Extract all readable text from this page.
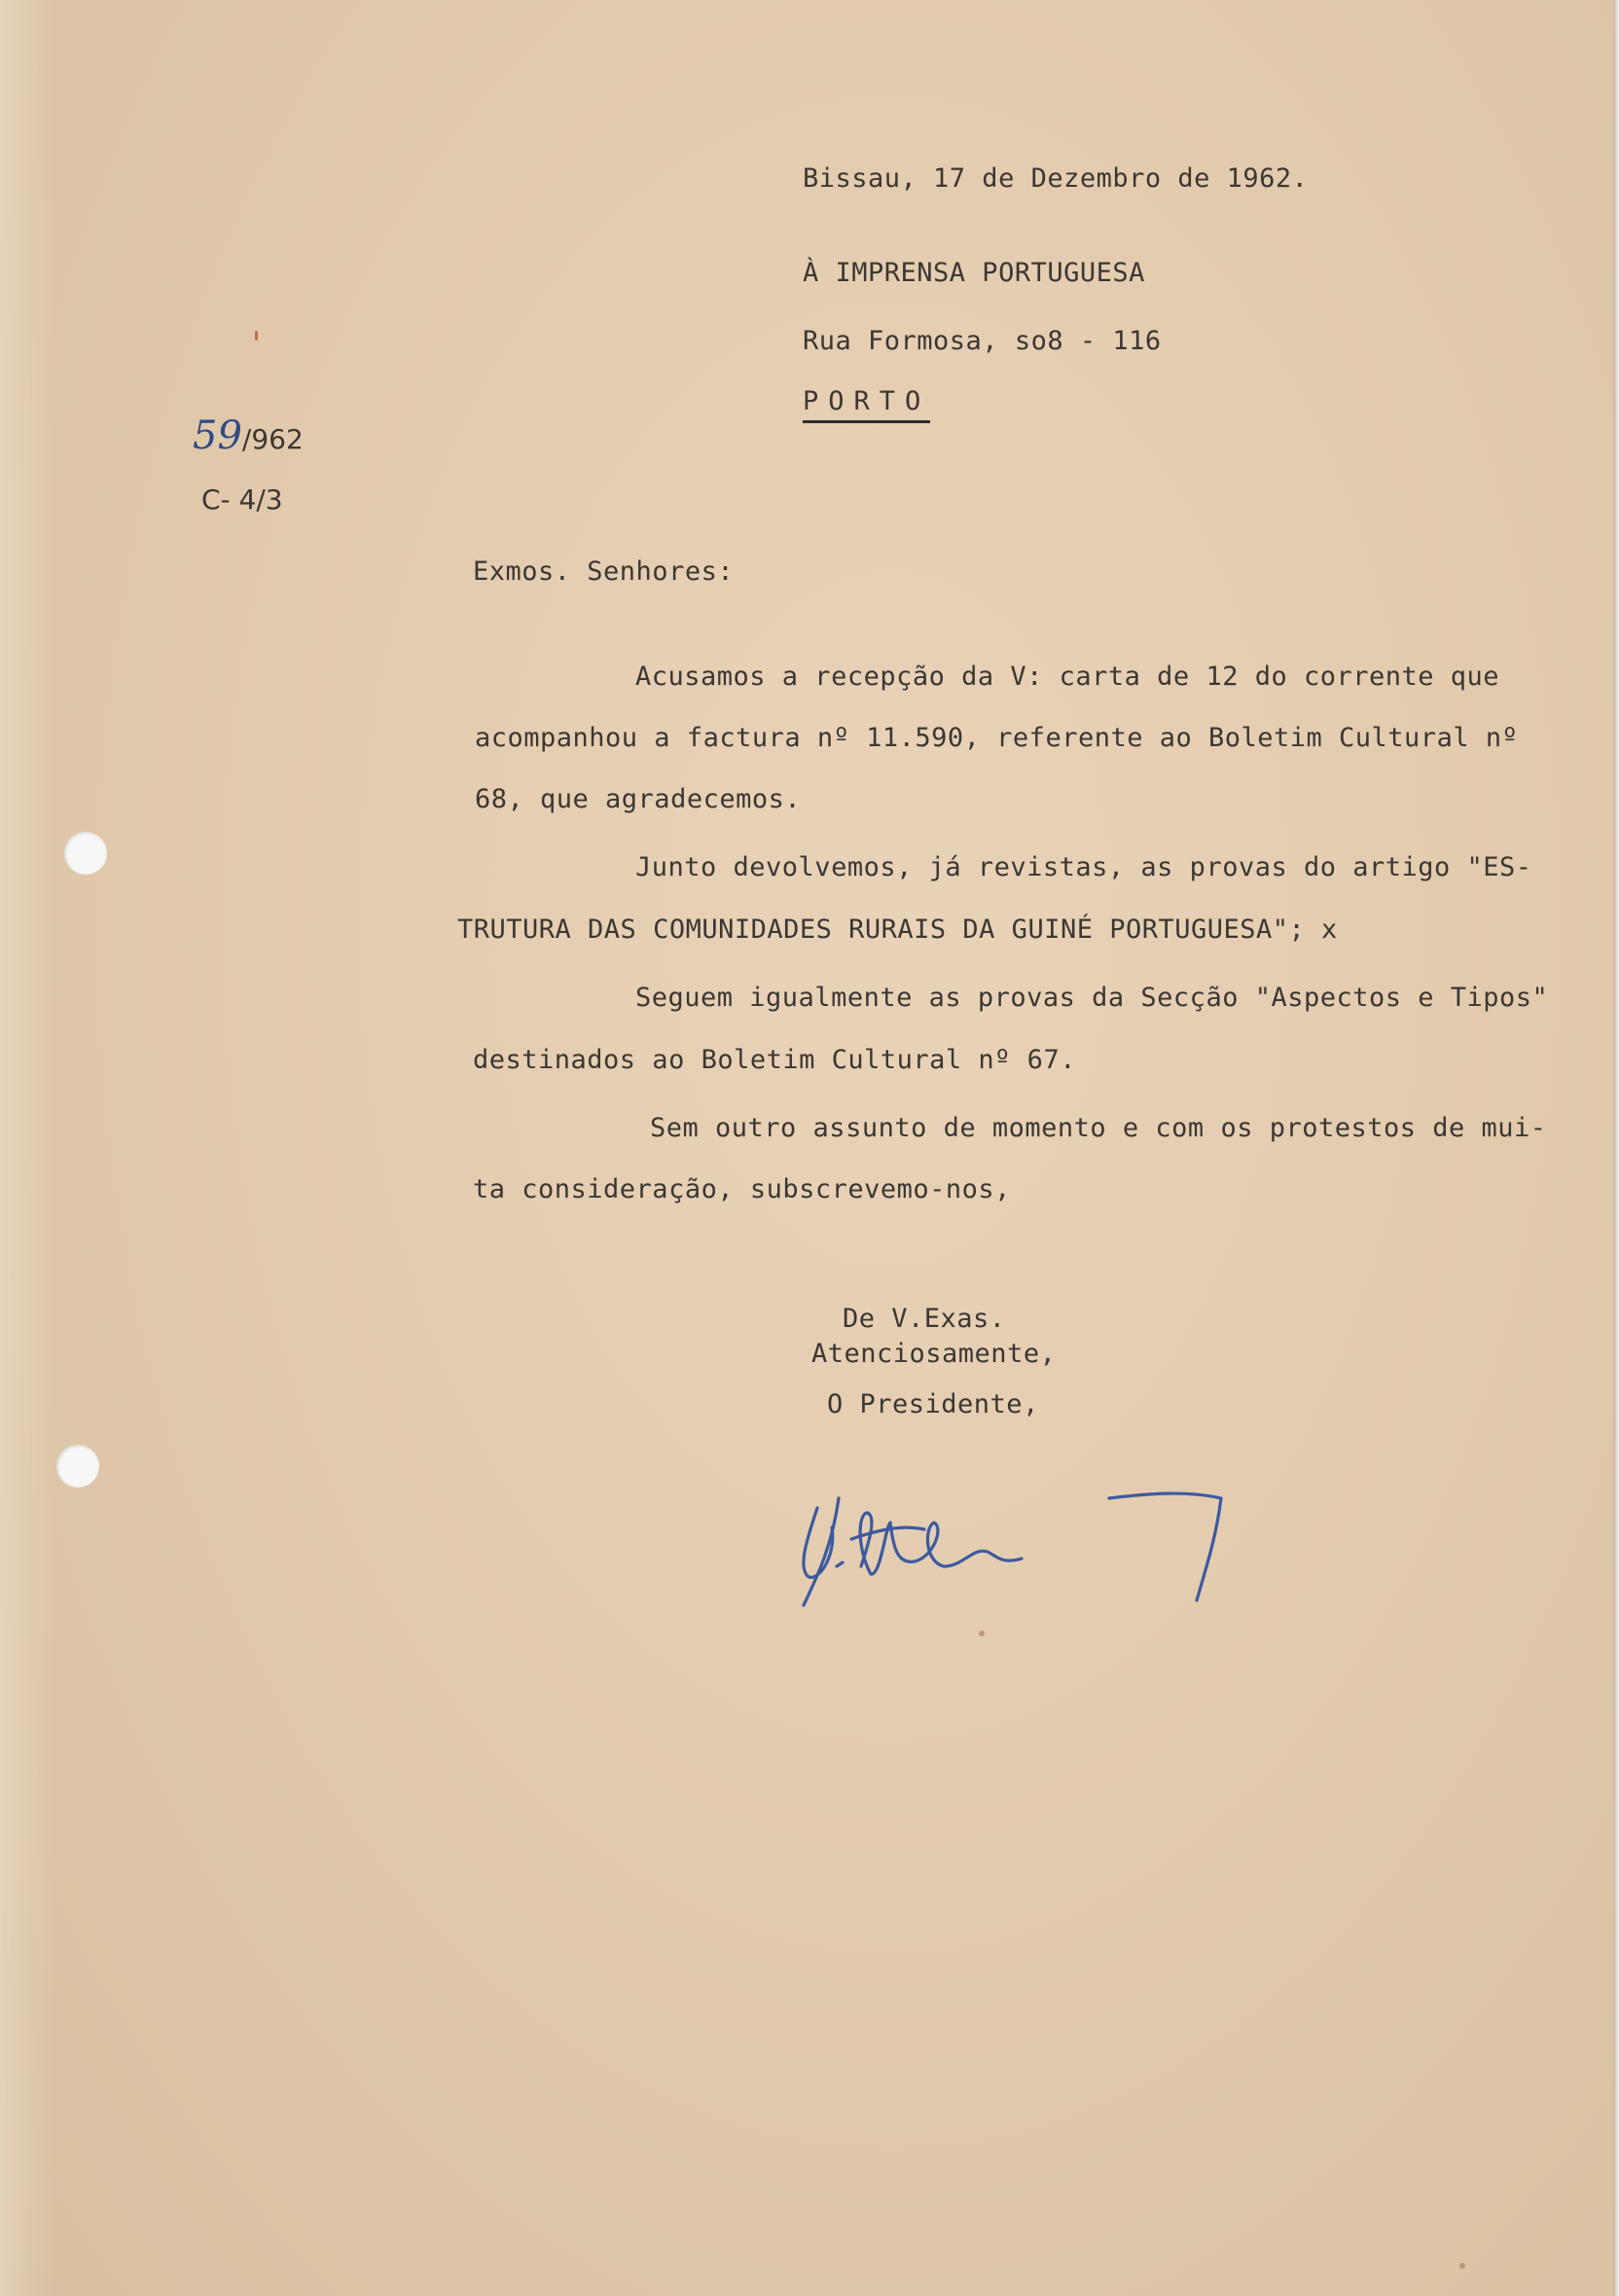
Bissau, 17 de Dezembro de 1962.
À IMPRENSA PORTUGUESA
Rua Formosa, so8 - 116
PORTO
59/962
C- 4/3
Exmos. Senhores:
Acusamos a recepção da V: carta de 12 do corrente que
acompanhou a factura nº 11.590, referente ao Boletim Cultural nº
68, que agradecemos.
Junto devolvemos, já revistas, as provas do artigo "ES-
TRUTURA DAS COMUNIDADES RURAIS DA GUINÉ PORTUGUESA"; x
Seguem igualmente as provas da Secção "Aspectos e Tipos"
destinados ao Boletim Cultural nº 67.
Sem outro assunto de momento e com os protestos de mui-
ta consideração, subscrevemo-nos,
De V.Exas.
Atenciosamente,
O Presidente,
